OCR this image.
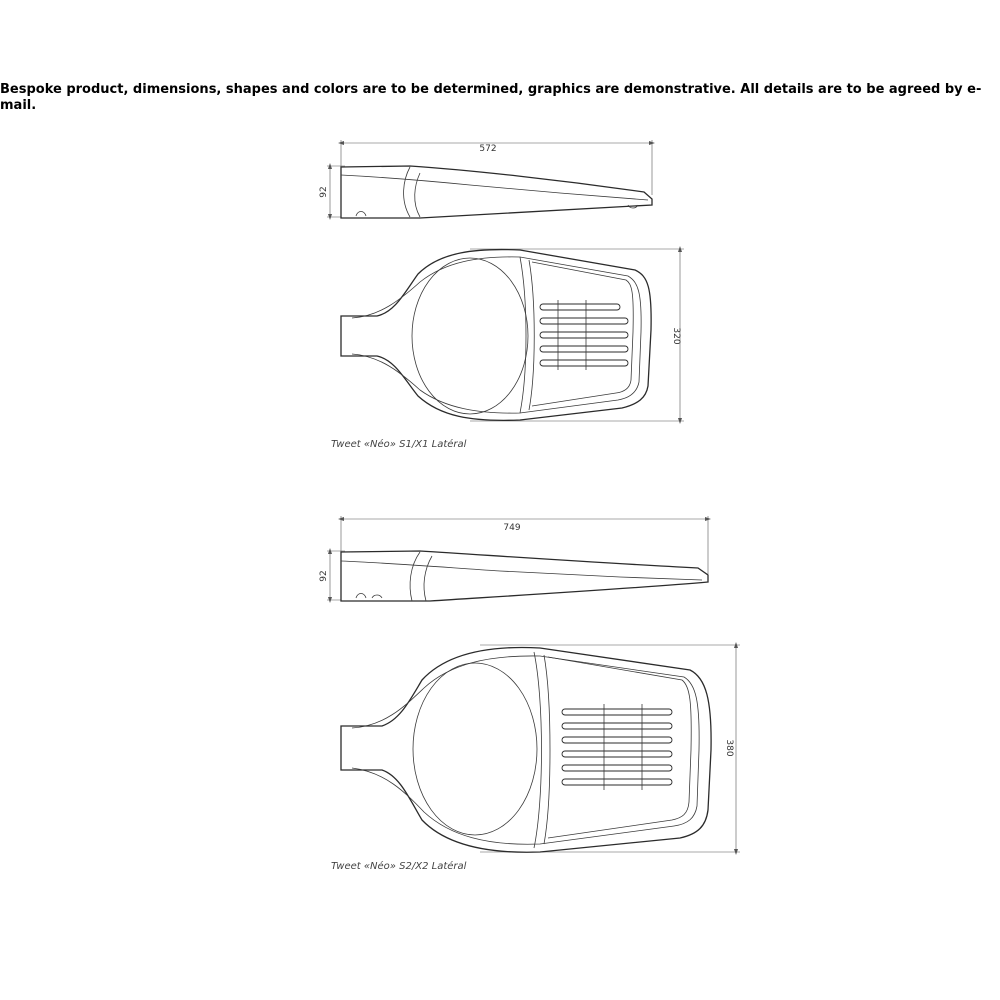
Bespoke product, dimensions, shapes and colors are to be determined, graphics are demonstrative. All details are to be agreed by e-mail.
572
92
320
Tweet «Néo» S1/X1 Latéral
749
92
380
Tweet «Néo» S2/X2 Latéral
